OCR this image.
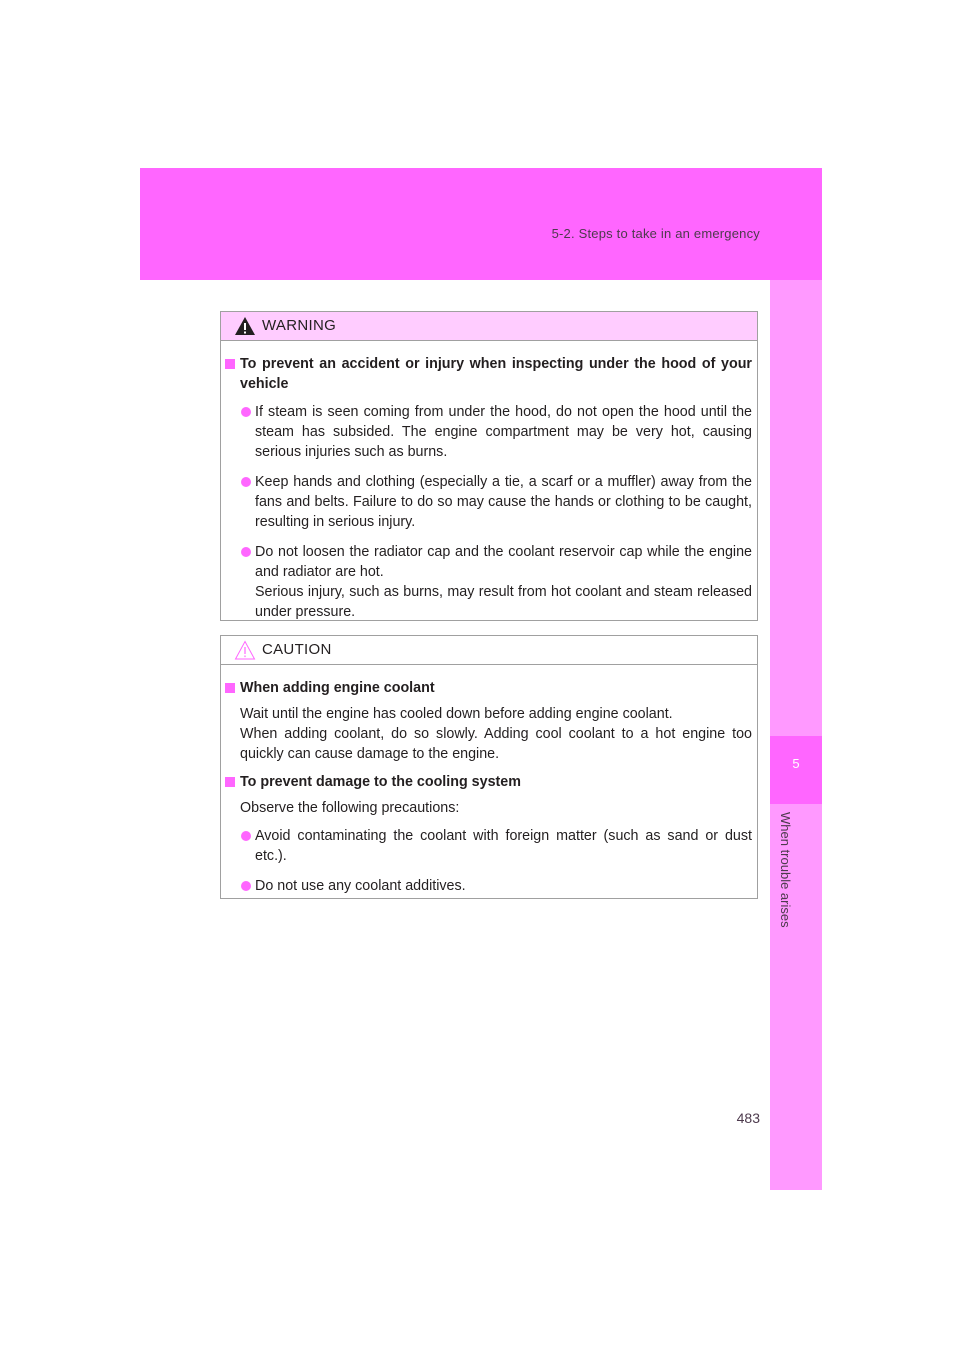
5-2. Steps to take in an emergency
5
When trouble arises
WARNING
To prevent an accident or injury when inspecting under the hood of your vehicle
If steam is seen coming from under the hood, do not open the hood until the steam has subsided. The engine compartment may be very hot, causing serious injuries such as burns.
Keep hands and clothing (especially a tie, a scarf or a muffler) away from the fans and belts. Failure to do so may cause the hands or clothing to be caught, resulting in serious injury.
Do not loosen the radiator cap and the coolant reservoir cap while the engine and radiator are hot.
Serious injury, such as burns, may result from hot coolant and steam released under pressure.
CAUTION
When adding engine coolant
Wait until the engine has cooled down before adding engine coolant.
When adding coolant, do so slowly. Adding cool coolant to a hot engine too quickly can cause damage to the engine.
To prevent damage to the cooling system
Observe the following precautions:
Avoid contaminating the coolant with foreign matter (such as sand or dust etc.).
Do not use any coolant additives.
483
